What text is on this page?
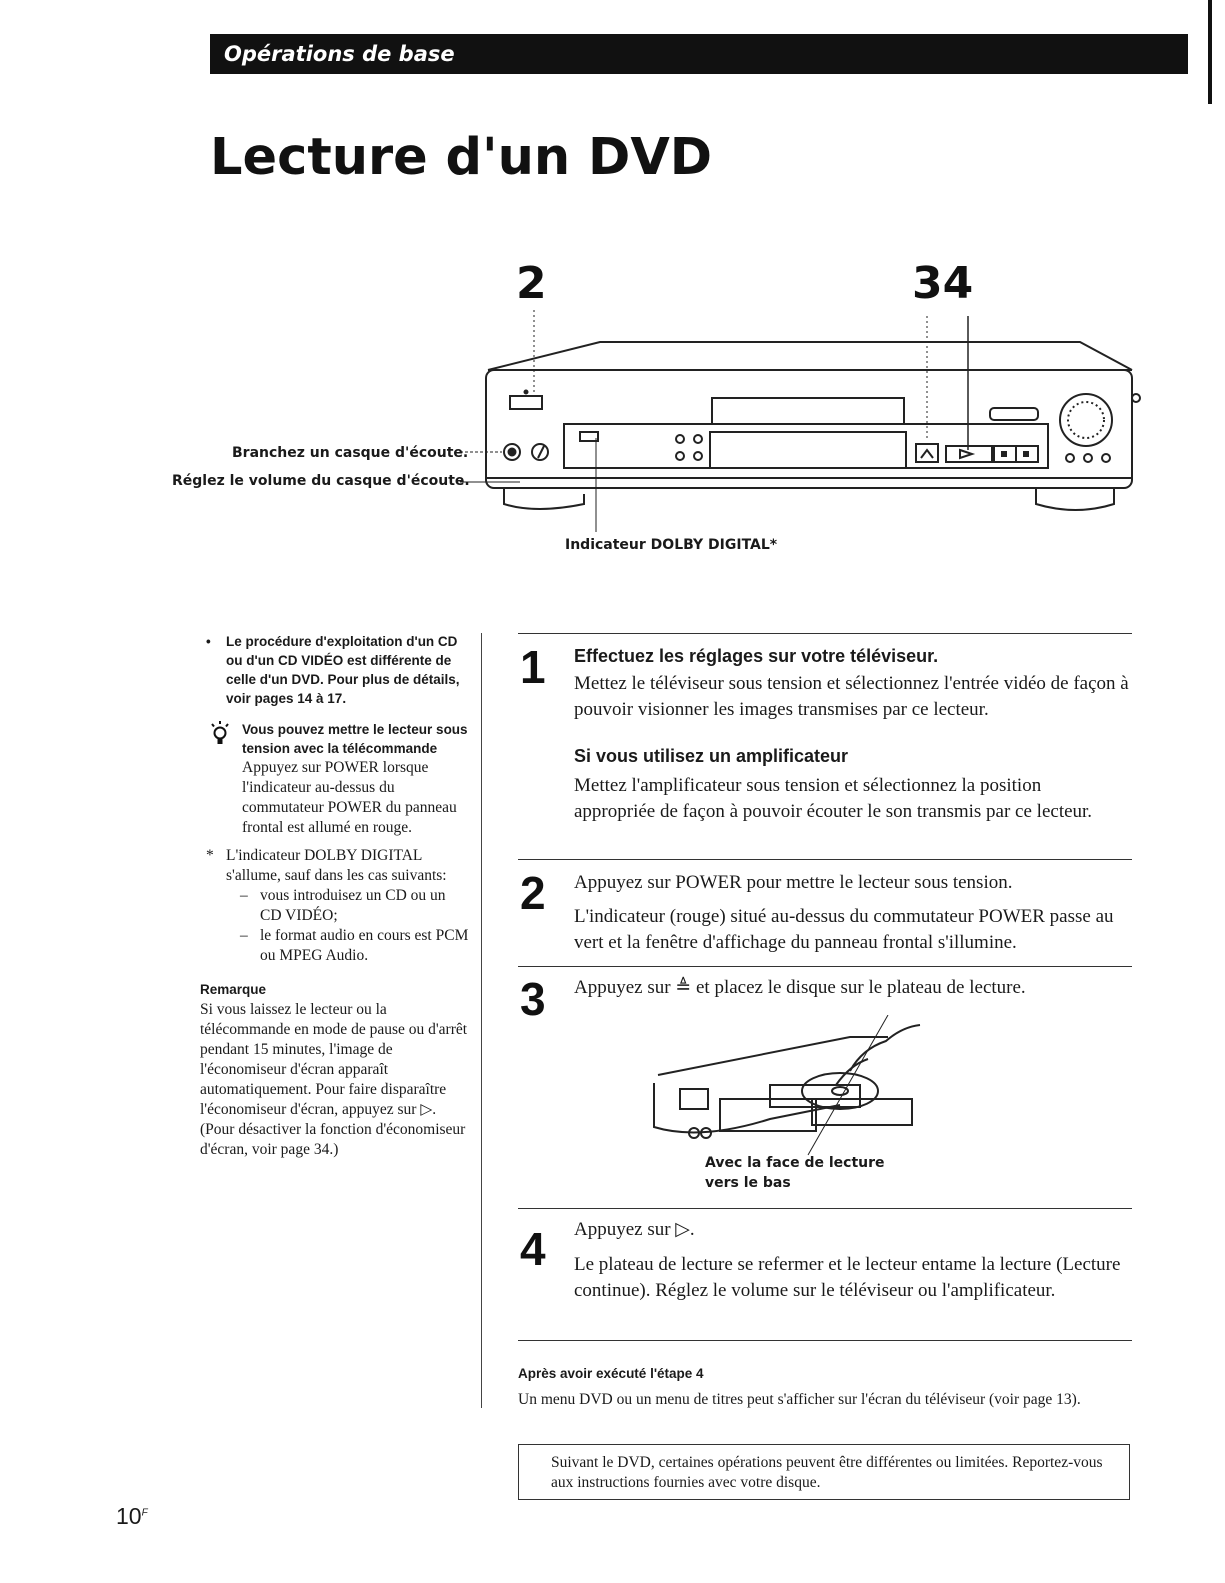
Opérations de base
Lecture d'un DVD
2	34
Branchez un casque d'écoute.
Réglez le volume du casque d'écoute.
Indicateur DOLBY DIGITAL*
• Le procédure d'exploitation d'un CD ou d'un CD VIDÉO est différente de celle d'un DVD. Pour plus de détails, voir pages 14 à 17.
Vous pouvez mettre le lecteur sous tension avec la télécommande
Appuyez sur POWER lorsque l'indicateur au-dessus du commutateur POWER du panneau frontal est allumé en rouge.
* L'indicateur DOLBY DIGITAL s'allume, sauf dans les cas suivants:
– vous introduisez un CD ou un CD VIDÉO;
– le format audio en cours est PCM ou MPEG Audio.
Remarque
Si vous laissez le lecteur ou la télécommande en mode de pause ou d'arrêt pendant 15 minutes, l'image de l'économiseur d'écran apparaît automatiquement. Pour faire disparaître l'économiseur d'écran, appuyez sur ▷. (Pour désactiver la fonction d'économiseur d'écran, voir page 34.)
1 Effectuez les réglages sur votre téléviseur.
Mettez le téléviseur sous tension et sélectionnez l'entrée vidéo de façon à pouvoir visionner les images transmises par ce lecteur.
Si vous utilisez un amplificateur
Mettez l'amplificateur sous tension et sélectionnez la position appropriée de façon à pouvoir écouter le son transmis par ce lecteur.
2 Appuyez sur POWER pour mettre le lecteur sous tension.
L'indicateur (rouge) situé au-dessus du commutateur POWER passe au vert et la fenêtre d'affichage du panneau frontal s'illumine.
3 Appuyez sur ≜ et placez le disque sur le plateau de lecture.
Avec la face de lecture
vers le bas
4 Appuyez sur ▷.
Le plateau de lecture se refermer et le lecteur entame la lecture (Lecture continue). Réglez le volume sur le téléviseur ou l'amplificateur.
Après avoir exécuté l'étape 4
Un menu DVD ou un menu de titres peut s'afficher sur l'écran du téléviseur (voir page 13).
Suivant le DVD, certaines opérations peuvent être différentes ou limitées. Reportez-vous aux instructions fournies avec votre disque.
$10^F$
